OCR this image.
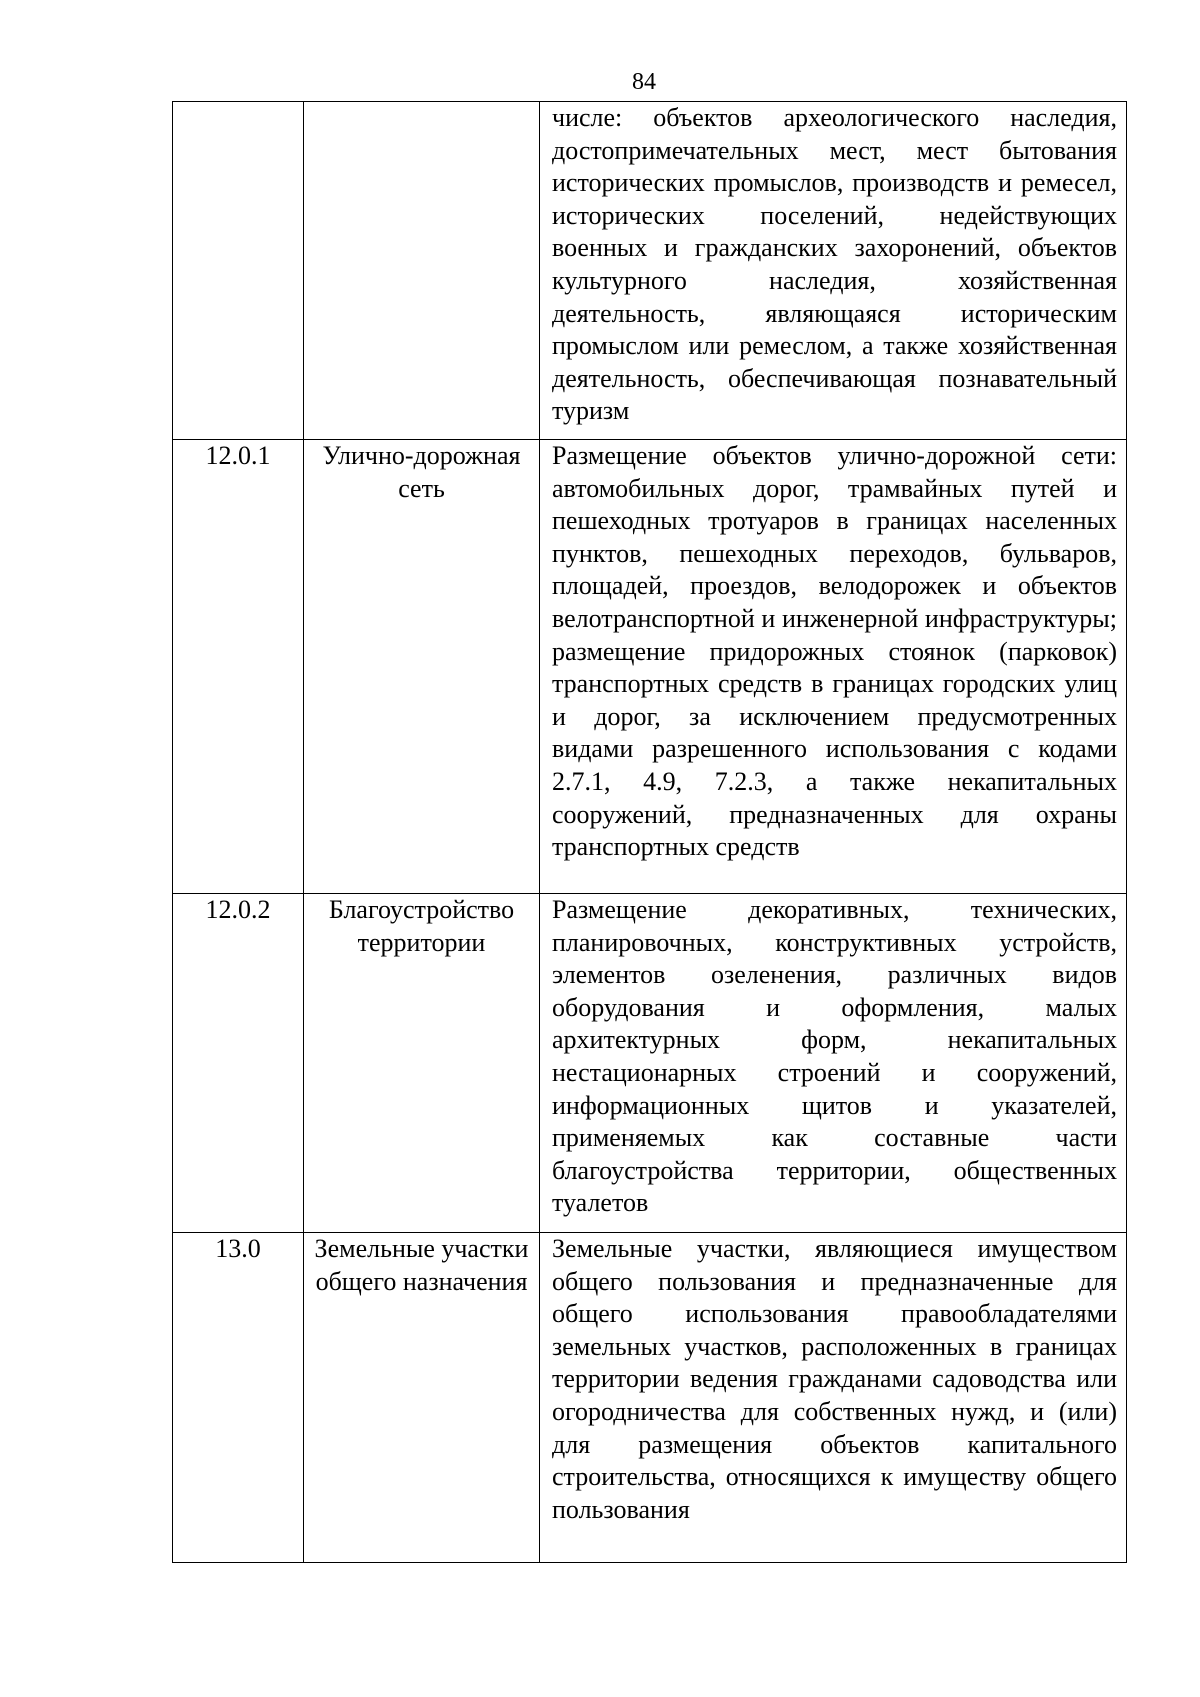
84

		числе: объектов археологического наследия, достопримечательных мест, мест бытования исторических промыслов, производств и ремесел, исторических поселений, недействующих военных и гражданских захоронений, объектов культурного наследия, хозяйственная деятельность, являющаяся историческим промыслом или ремеслом, а также хозяйственная деятельность, обеспечивающая познавательный туризм

12.0.1	Улично-дорожная сеть	Размещение объектов улично-дорожной сети: автомобильных дорог, трамвайных путей и пешеходных тротуаров в границах населенных пунктов, пешеходных переходов, бульваров, площадей, проездов, велодорожек и объектов велотранспортной и инженерной инфраструктуры; размещение придорожных стоянок (парковок) транспортных средств в границах городских улиц и дорог, за исключением предусмотренных видами разрешенного использования с кодами 2.7.1, 4.9, 7.2.3, а также некапитальных сооружений, предназначенных для охраны транспортных средств

12.0.2	Благоустройство территории	Размещение декоративных, технических, планировочных, конструктивных устройств, элементов озеленения, различных видов оборудования и оформления, малых архитектурных форм, некапитальных нестационарных строений и сооружений, информационных щитов и указателей, применяемых как составные части благоустройства территории, общественных туалетов

13.0	Земельные участки общего назначения	Земельные участки, являющиеся имуществом общего пользования и предназначенные для общего использования правообладателями земельных участков, расположенных в границах территории ведения гражданами садоводства или огородничества для собственных нужд, и (или) для размещения объектов капитального строительства, относящихся к имуществу общего пользования
